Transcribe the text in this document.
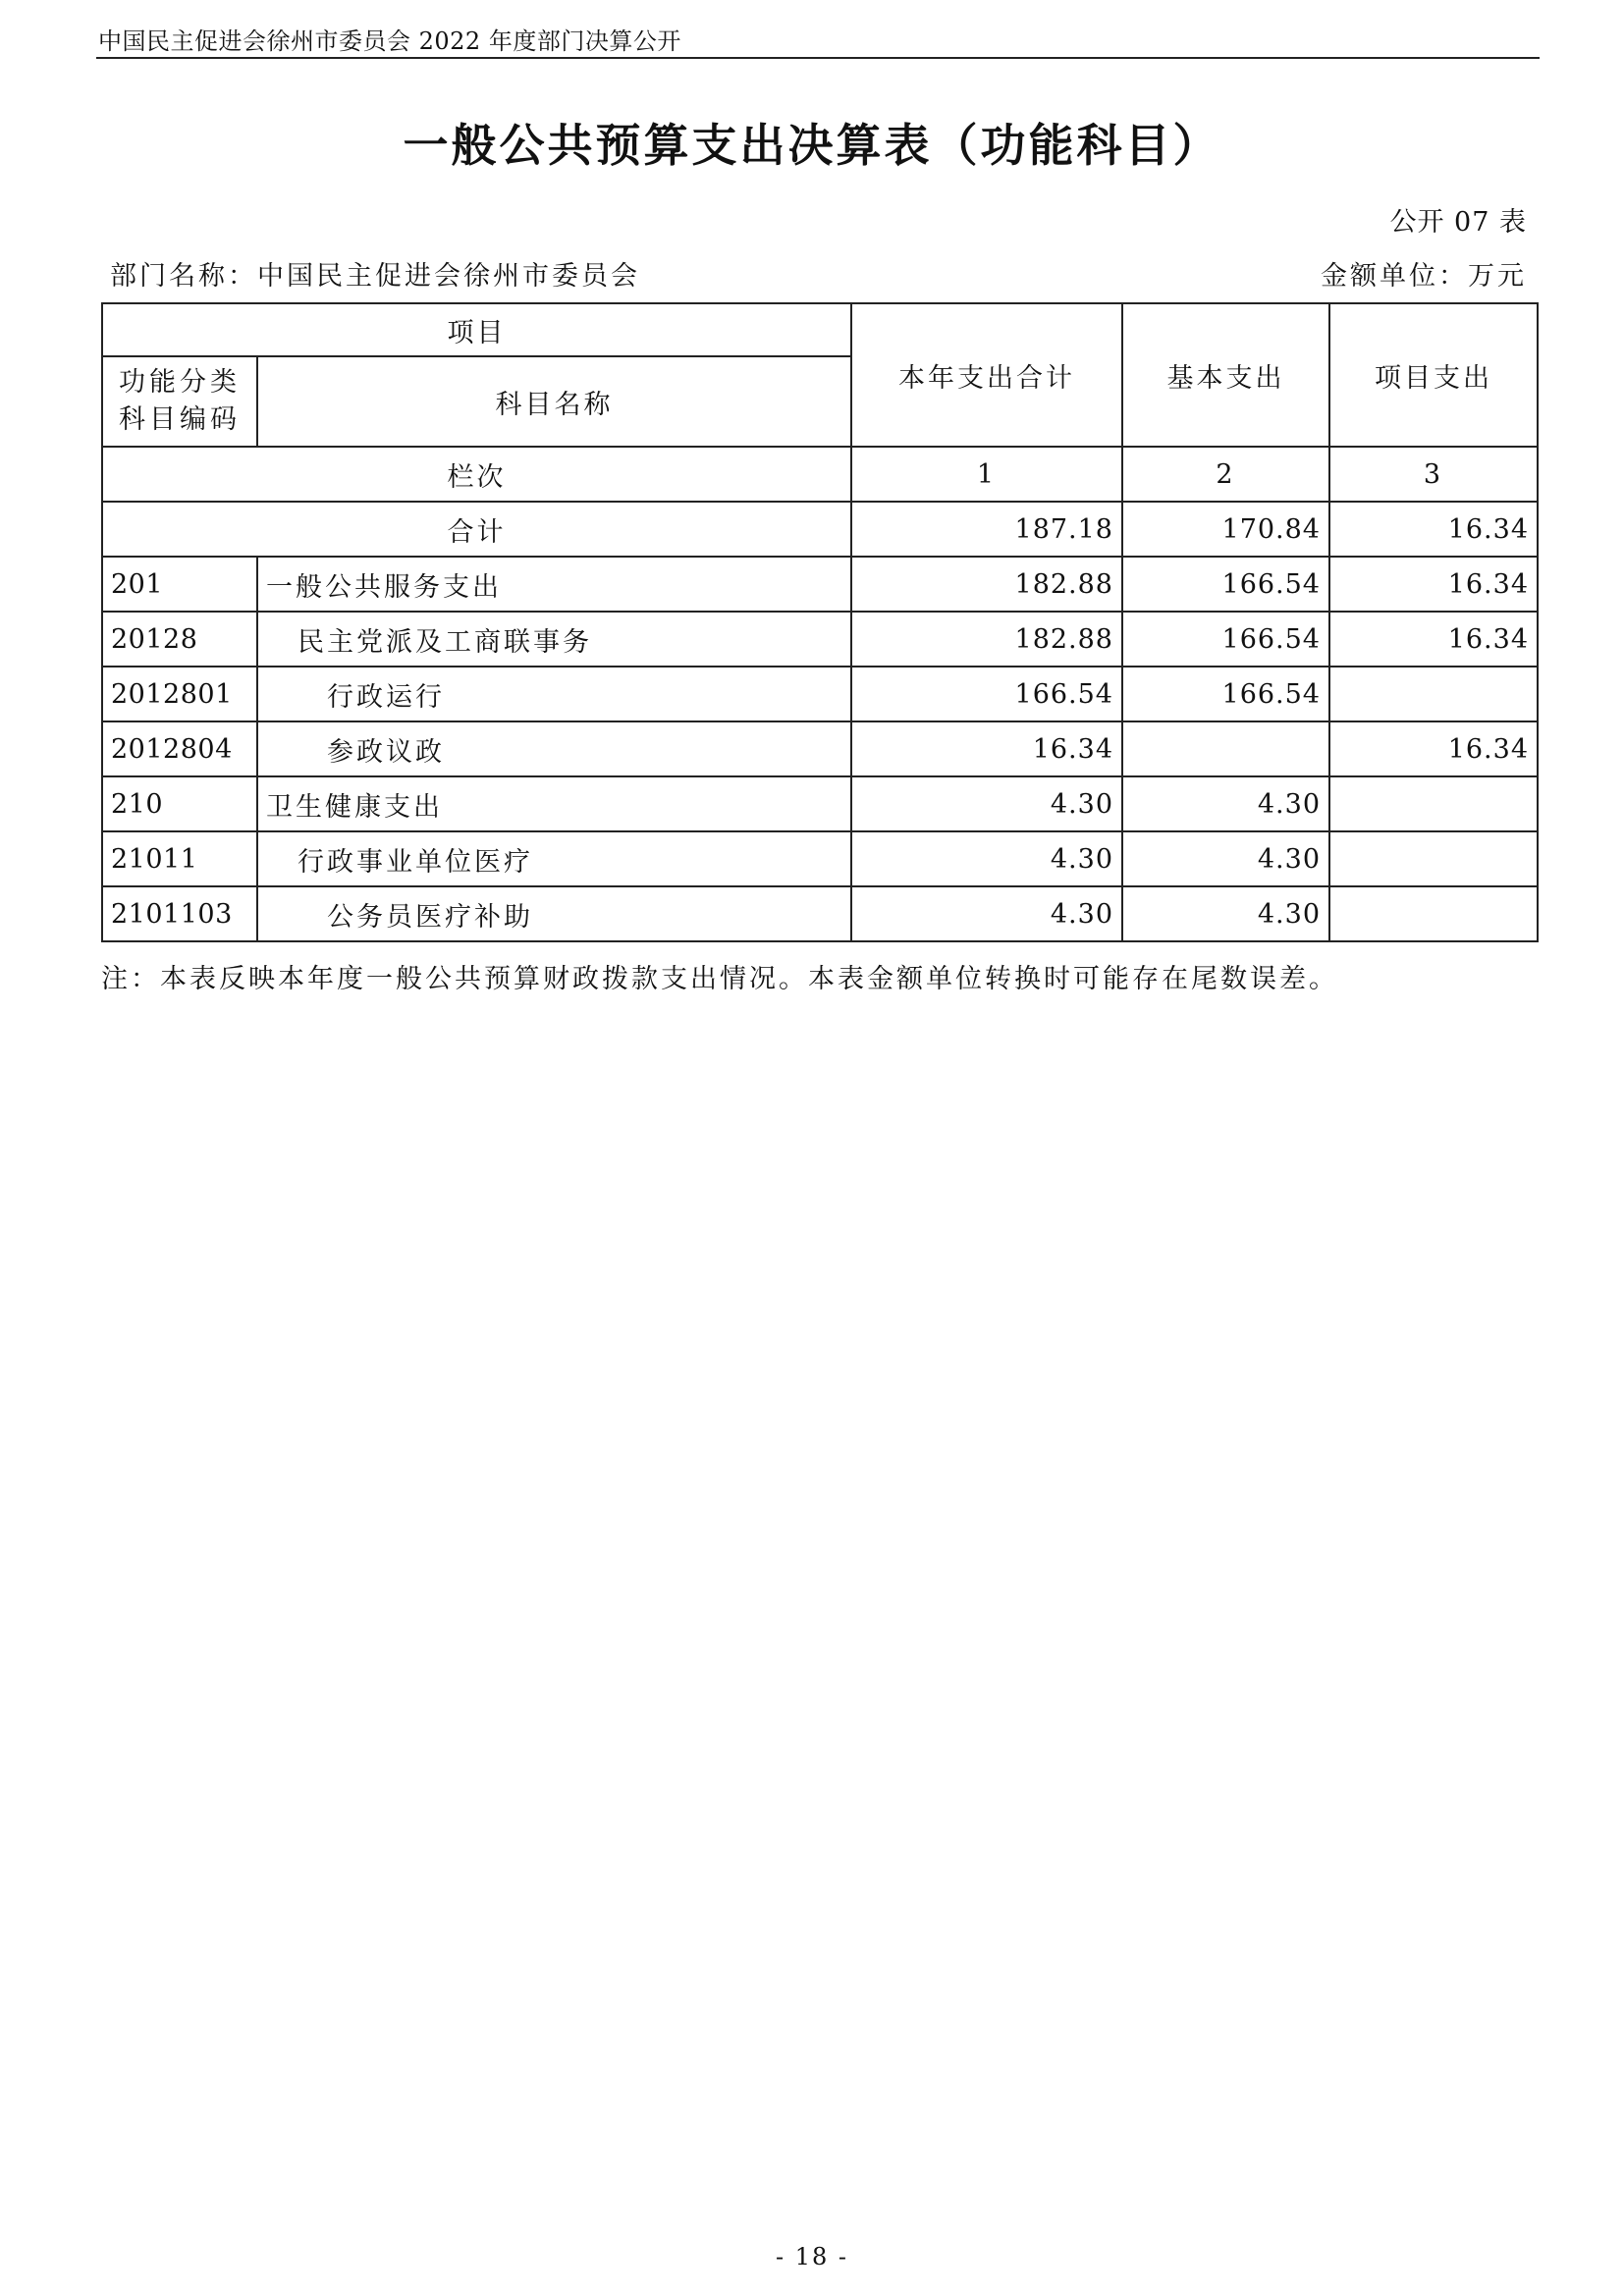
中国民主促进会徐州市委员会 2022 年度部门决算公开
一般公共预算支出决算表（功能科目）
公开 07 表
部门名称：中国民主促进会徐州市委员会	金额单位：万元
项目		本年支出合计	基本支出	项目支出
功能分类
科目编码	科目名称			
栏次		1	2	3
合计		187.18	170.84	16.34
201	一般公共服务支出	182.88	166.54	16.34
20128	民主党派及工商联事务	182.88	166.54	16.34
2012801	行政运行	166.54	166.54	
2012804	参政议政	16.34		16.34
210	卫生健康支出	4.30	4.30	
21011	行政事业单位医疗	4.30	4.30	
2101103	公务员医疗补助	4.30	4.30	
注：本表反映本年度一般公共预算财政拨款支出情况。本表金额单位转换时可能存在尾数误差。
- 18 -
